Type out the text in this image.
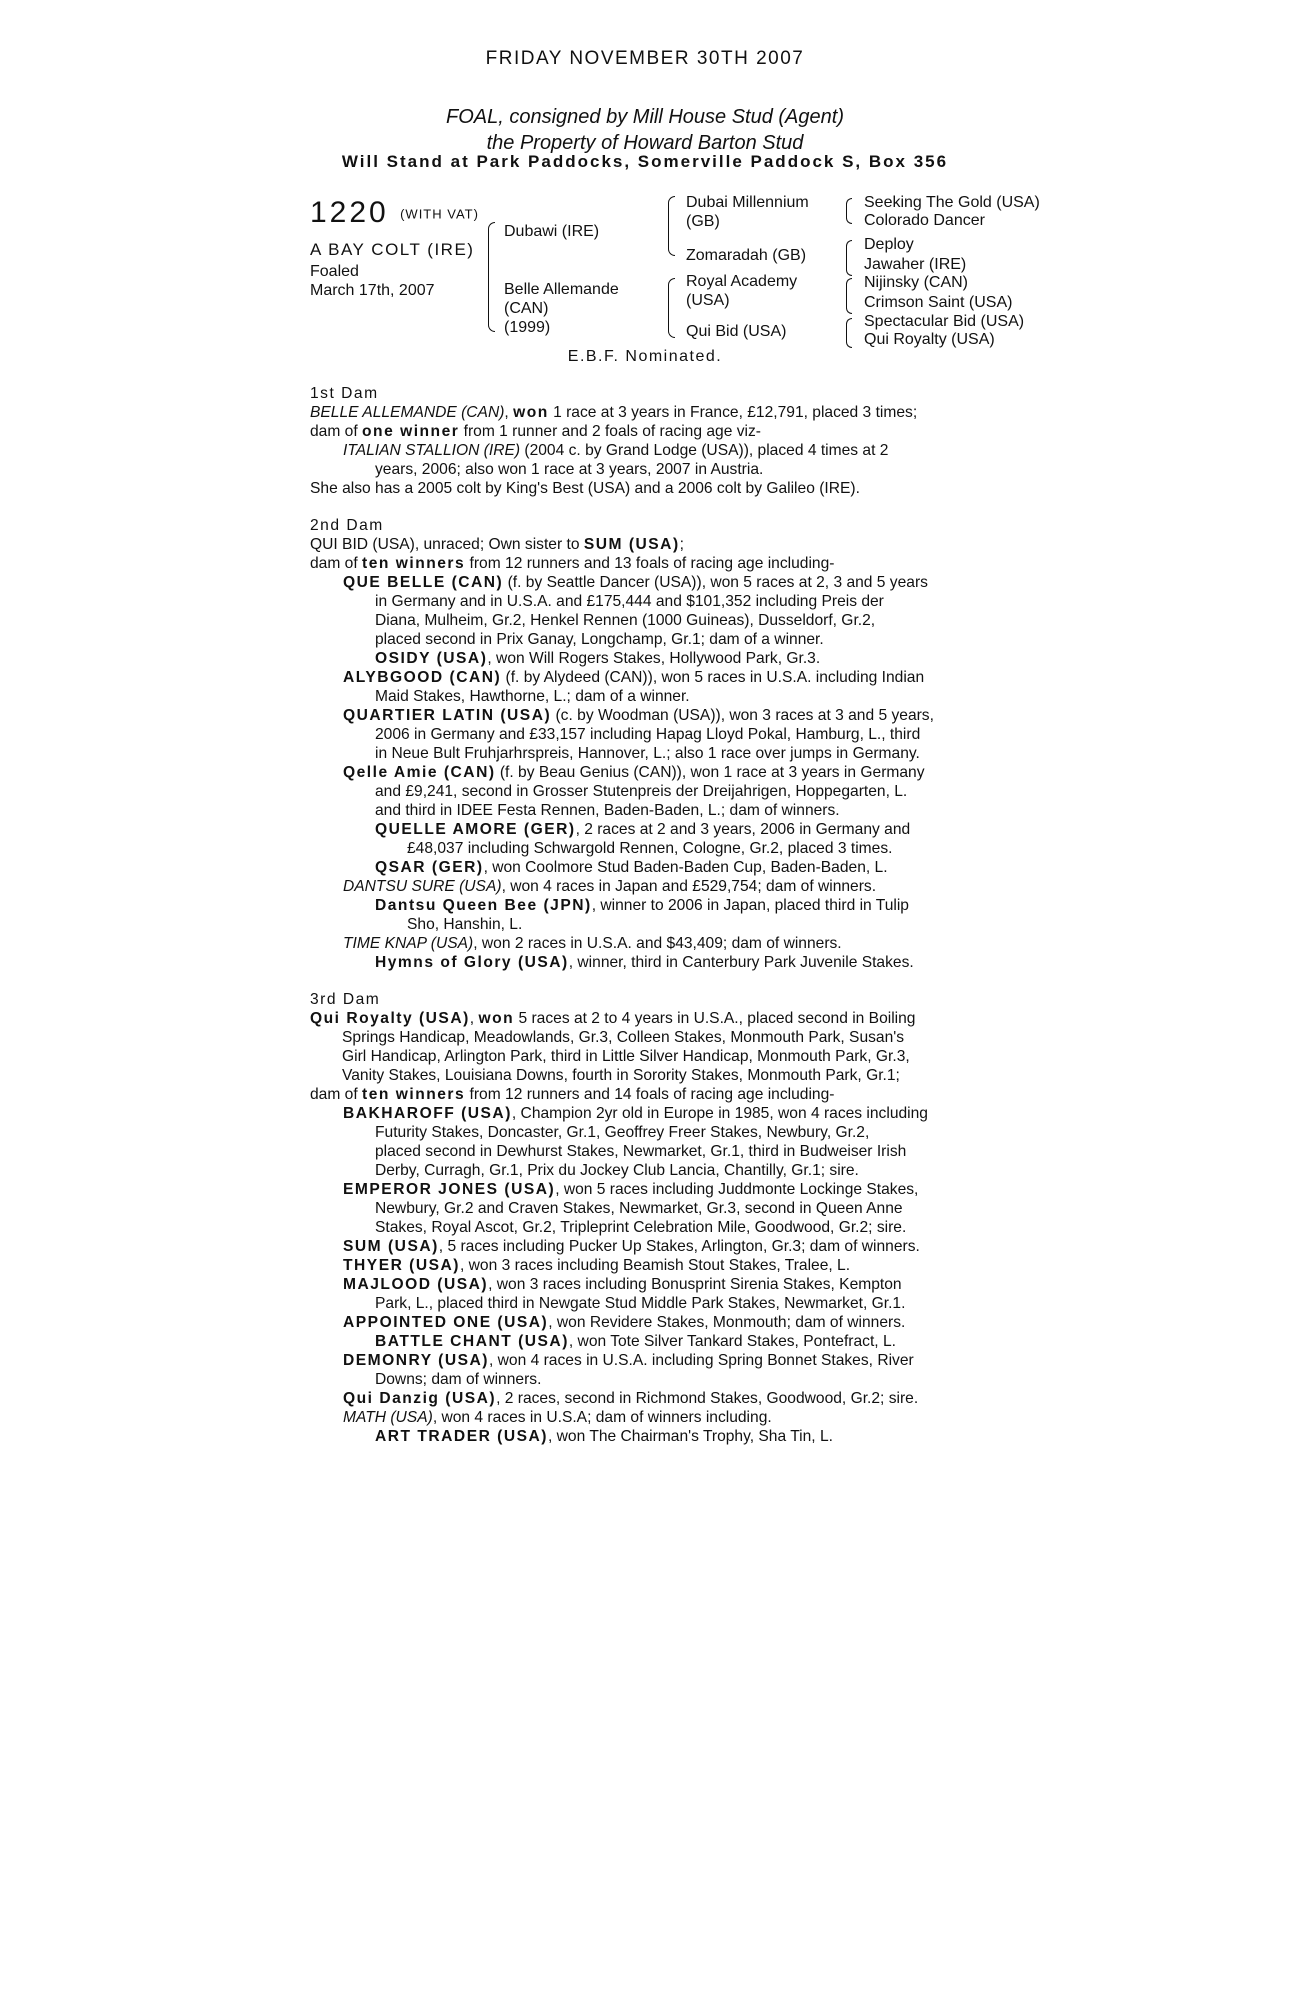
FRIDAY NOVEMBER 30TH 2007
FOAL, consigned by Mill House Stud (Agent)
the Property of Howard Barton Stud
Will Stand at Park Paddocks, Somerville Paddock S, Box 356
1220 (WITH VAT)
A BAY COLT (IRE)
Foaled
March 17th, 2007
Dubawi (IRE)
Belle Allemande
(CAN)
(1999)
Dubai Millennium
(GB)
Zomaradah (GB)
Royal Academy
(USA)
Qui Bid (USA)
Seeking The Gold (USA)
Colorado Dancer
Deploy
Jawaher (IRE)
Nijinsky (CAN)
Crimson Saint (USA)
Spectacular Bid (USA)
Qui Royalty (USA)
E.B.F. Nominated.

1st Dam

BELLE ALLEMANDE (CAN), won 1 race at 3 years in France, £12,791, placed 3 times;

dam of one winner from 1 runner and 2 foals of racing age viz-

ITALIAN STALLION (IRE) (2004 c. by Grand Lodge (USA)), placed 4 times at 2
years, 2006; also won 1 race at 3 years, 2007 in Austria.

She also has a 2005 colt by King's Best (USA) and a 2006 colt by Galileo (IRE).

2nd Dam

QUI BID (USA), unraced; Own sister to SUM (USA);

dam of ten winners from 12 runners and 13 foals of racing age including-

QUE BELLE (CAN) (f. by Seattle Dancer (USA)), won 5 races at 2, 3 and 5 years
in Germany and in U.S.A. and £175,444 and $101,352 including Preis der
Diana, Mulheim, Gr.2, Henkel Rennen (1000 Guineas), Dusseldorf, Gr.2,
placed second in Prix Ganay, Longchamp, Gr.1; dam of a winner.

OSIDY (USA), won Will Rogers Stakes, Hollywood Park, Gr.3.

ALYBGOOD (CAN) (f. by Alydeed (CAN)), won 5 races in U.S.A. including Indian
Maid Stakes, Hawthorne, L.; dam of a winner.

QUARTIER LATIN (USA) (c. by Woodman (USA)), won 3 races at 3 and 5 years,
2006 in Germany and £33,157 including Hapag Lloyd Pokal, Hamburg, L., third
in Neue Bult Fruhjarhrspreis, Hannover, L.; also 1 race over jumps in Germany.

Qelle Amie (CAN) (f. by Beau Genius (CAN)), won 1 race at 3 years in Germany
and £9,241, second in Grosser Stutenpreis der Dreijahrigen, Hoppegarten, L.
and third in IDEE Festa Rennen, Baden-Baden, L.; dam of winners.

QUELLE AMORE (GER), 2 races at 2 and 3 years, 2006 in Germany and
£48,037 including Schwargold Rennen, Cologne, Gr.2, placed 3 times.

QSAR (GER), won Coolmore Stud Baden-Baden Cup, Baden-Baden, L.

DANTSU SURE (USA), won 4 races in Japan and £529,754; dam of winners.

Dantsu Queen Bee (JPN), winner to 2006 in Japan, placed third in Tulip
Sho, Hanshin, L.

TIME KNAP (USA), won 2 races in U.S.A. and $43,409; dam of winners.

Hymns of Glory (USA), winner, third in Canterbury Park Juvenile Stakes.

3rd Dam

Qui Royalty (USA), won 5 races at 2 to 4 years in U.S.A., placed second in Boiling
Springs Handicap, Meadowlands, Gr.3, Colleen Stakes, Monmouth Park, Susan's
Girl Handicap, Arlington Park, third in Little Silver Handicap, Monmouth Park, Gr.3,
Vanity Stakes, Louisiana Downs, fourth in Sorority Stakes, Monmouth Park, Gr.1;

dam of ten winners from 12 runners and 14 foals of racing age including-

BAKHAROFF (USA), Champion 2yr old in Europe in 1985, won 4 races including
Futurity Stakes, Doncaster, Gr.1, Geoffrey Freer Stakes, Newbury, Gr.2,
placed second in Dewhurst Stakes, Newmarket, Gr.1, third in Budweiser Irish
Derby, Curragh, Gr.1, Prix du Jockey Club Lancia, Chantilly, Gr.1; sire.

EMPEROR JONES (USA), won 5 races including Juddmonte Lockinge Stakes,
Newbury, Gr.2 and Craven Stakes, Newmarket, Gr.3, second in Queen Anne
Stakes, Royal Ascot, Gr.2, Tripleprint Celebration Mile, Goodwood, Gr.2; sire.

SUM (USA), 5 races including Pucker Up Stakes, Arlington, Gr.3; dam of winners.

THYER (USA), won 3 races including Beamish Stout Stakes, Tralee, L.

MAJLOOD (USA), won 3 races including Bonusprint Sirenia Stakes, Kempton
Park, L., placed third in Newgate Stud Middle Park Stakes, Newmarket, Gr.1.

APPOINTED ONE (USA), won Revidere Stakes, Monmouth; dam of winners.

BATTLE CHANT (USA), won Tote Silver Tankard Stakes, Pontefract, L.

DEMONRY (USA), won 4 races in U.S.A. including Spring Bonnet Stakes, River
Downs; dam of winners.

Qui Danzig (USA), 2 races, second in Richmond Stakes, Goodwood, Gr.2; sire.

MATH (USA), won 4 races in U.S.A; dam of winners including.

ART TRADER (USA), won The Chairman's Trophy, Sha Tin, L.
